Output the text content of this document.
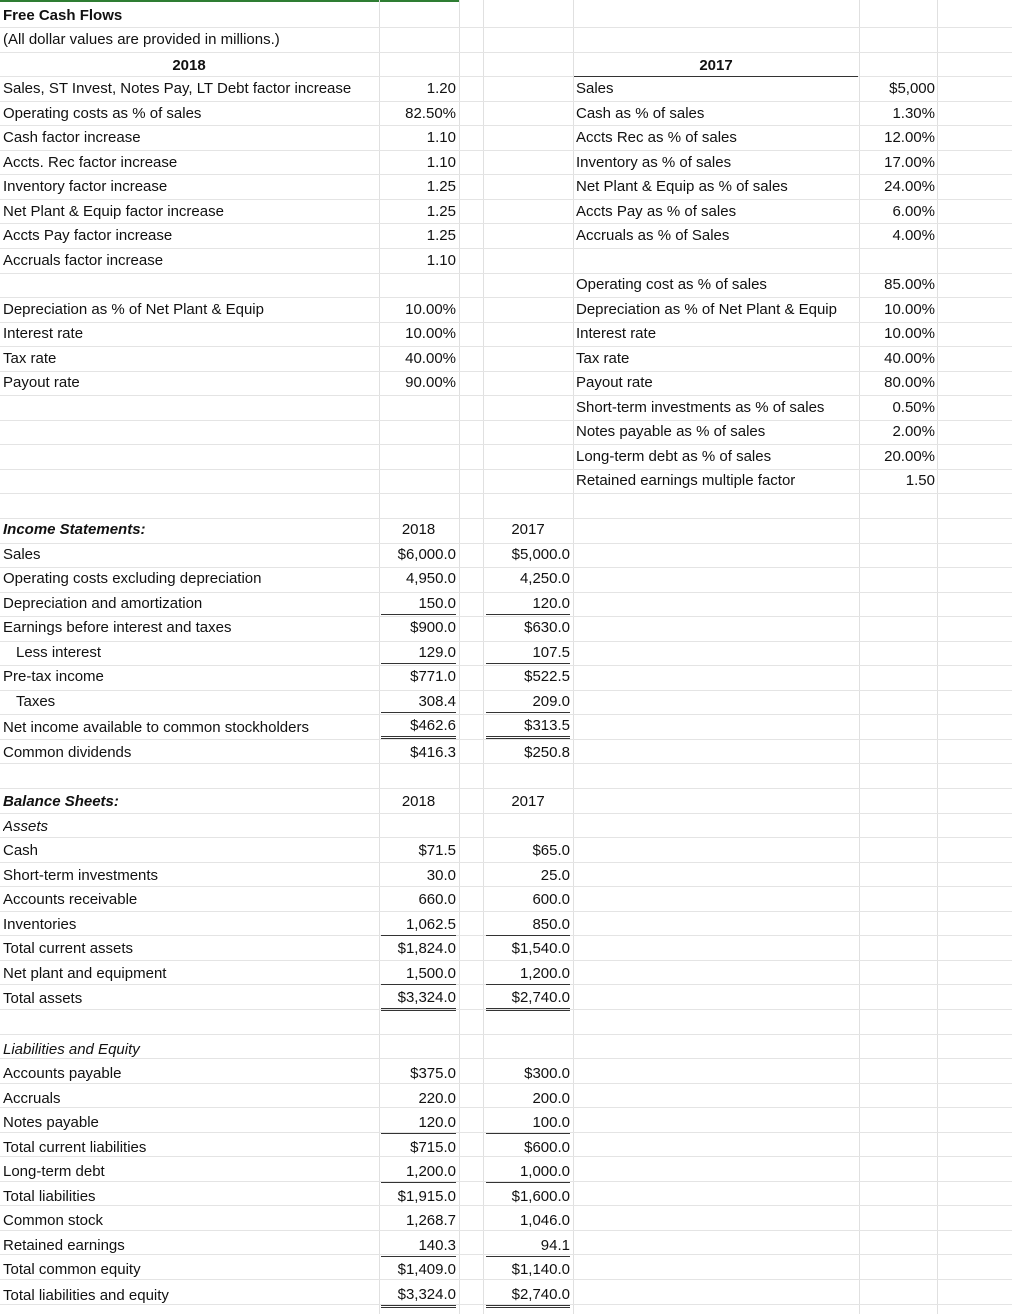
Free Cash Flows
(All dollar values are provided in millions.)
2018	2017
Sales, ST Invest, Notes Pay, LT Debt factor increase	1.20
Operating costs as % of sales	82.50%
Cash factor increase	1.10
Accts. Rec factor increase	1.10
Inventory factor increase	1.25
Net Plant & Equip factor increase	1.25
Accts Pay factor increase	1.25
Accruals factor increase	1.10
Depreciation as % of Net Plant & Equip	10.00%
Interest rate	10.00%
Tax rate	40.00%
Payout rate	90.00%
Sales	$5,000
Cash as % of sales	1.30%
Accts Rec as % of sales	12.00%
Inventory as % of sales	17.00%
Net Plant & Equip as % of sales	24.00%
Accts Pay as % of sales	6.00%
Accruals as % of Sales	4.00%
Operating cost as % of sales	85.00%
Depreciation as % of Net Plant & Equip	10.00%
Interest rate	10.00%
Tax rate	40.00%
Payout rate	80.00%
Short-term investments as % of sales	0.50%
Notes payable as % of sales	2.00%
Long-term debt as % of sales	20.00%
Retained earnings multiple factor	1.50
Income Statements:	2018	2017
Sales	$6,000.0	$5,000.0
Operating costs excluding depreciation	4,950.0	4,250.0
Depreciation and amortization	150.0	120.0
Earnings before interest and taxes	$900.0	$630.0
Less interest	129.0	107.5
Pre-tax income	$771.0	$522.5
Taxes	308.4	209.0
Net income available to common stockholders	$462.6	$313.5
Common dividends	$416.3	$250.8
Balance Sheets:	2018	2017
Assets
Cash	$71.5	$65.0
Short-term investments	30.0	25.0
Accounts receivable	660.0	600.0
Inventories	1,062.5	850.0
Total current assets	$1,824.0	$1,540.0
Net plant and equipment	1,500.0	1,200.0
Total assets	$3,324.0	$2,740.0
Liabilities and Equity
Accounts payable	$375.0	$300.0
Accruals	220.0	200.0
Notes payable	120.0	100.0
Total current liabilities	$715.0	$600.0
Long-term debt	1,200.0	1,000.0
Total liabilities	$1,915.0	$1,600.0
Common stock	1,268.7	1,046.0
Retained earnings	140.3	94.1
Total common equity	$1,409.0	$1,140.0
Total liabilities and equity	$3,324.0	$2,740.0
